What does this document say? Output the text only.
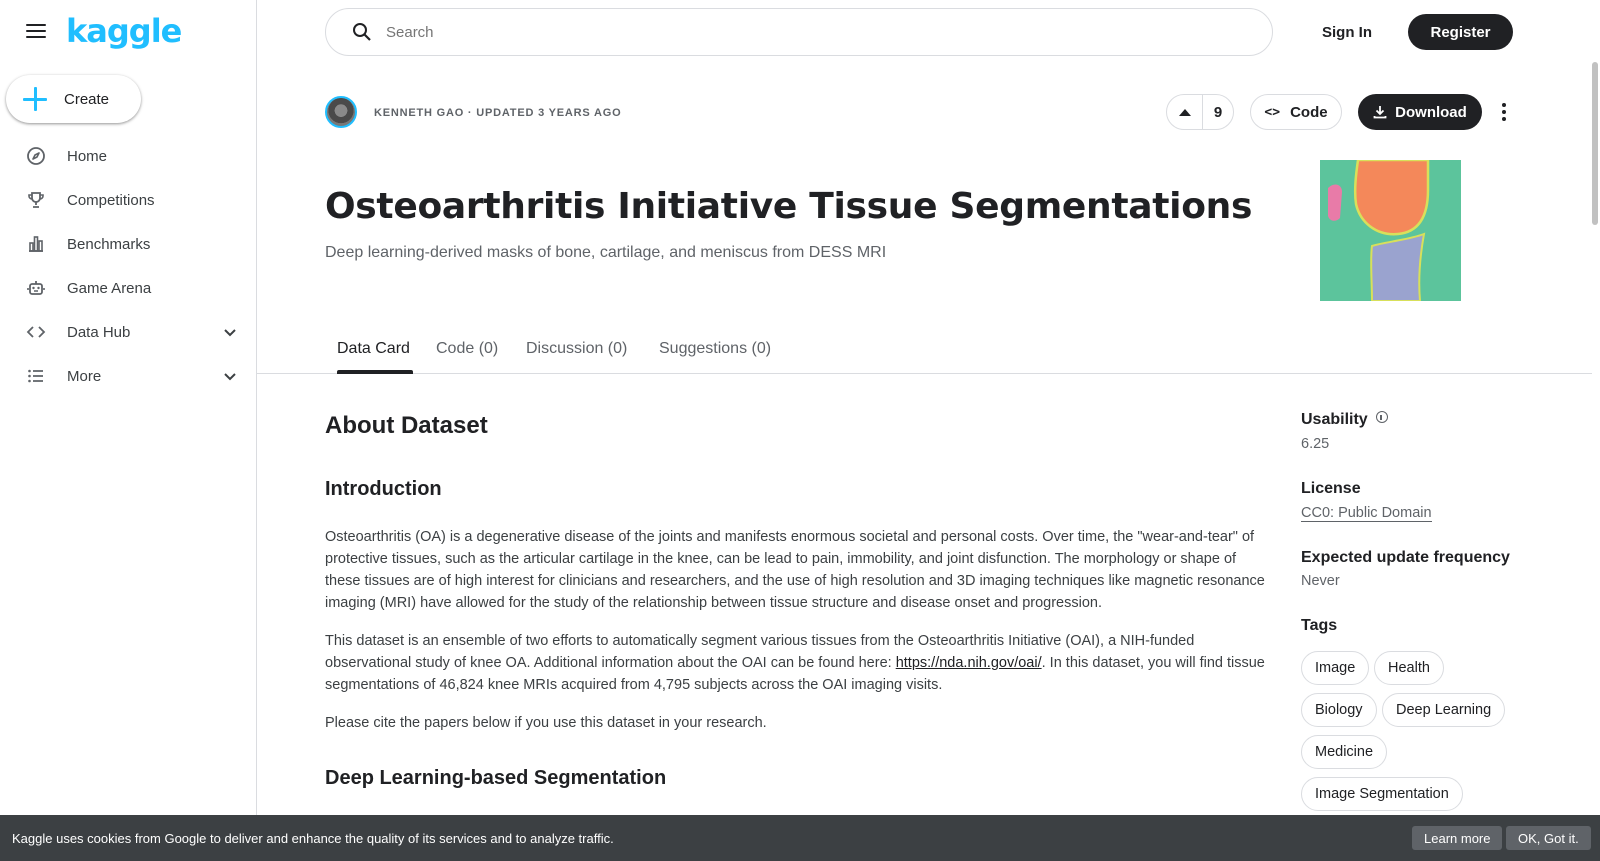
kaggle
Create
Home
Competitions
Benchmarks
Game Arena
Data Hub
More
Search
Sign In	Register
KENNETH GAO · UPDATED 3 YEARS AGO	9	<> Code	Download
Osteoarthritis Initiative Tissue Segmentations
Deep learning-derived masks of bone, cartilage, and meniscus from DESS MRI
Data Card Code (0) Discussion (0) Suggestions (0)
About Dataset
Introduction

Osteoarthritis (OA) is a degenerative disease of the joints and manifests enormous societal and personal costs. Over time, the "wear-and-tear" of protective tissues, such as the articular cartilage in the knee, can be lead to pain, immobility, and joint disfunction. The morphology or shape of these tissues are of high interest for clinicians and researchers, and the use of high resolution and 3D imaging techniques like magnetic resonance imaging (MRI) have allowed for the study of the relationship between tissue structure and disease onset and progression.

This dataset is an ensemble of two efforts to automatically segment various tissues from the Osteoarthritis Initiative (OAI), a NIH-funded observational study of knee OA. Additional information about the OAI can be found here: https://nda.nih.gov/oai/. In this dataset, you will find tissue segmentations of 46,824 knee MRIs acquired from 4,795 subjects across the OAI imaging visits.

Please cite the papers below if you use this dataset in your research.

Deep Learning-based Segmentation
Usability
6.25
License
CC0: Public Domain
Expected update frequency
Never
Tags
Image	Health
Biology	Deep Learning
Medicine
Image Segmentation
Kaggle uses cookies from Google to deliver and enhance the quality of its services and to analyze traffic.	Learn more	OK, Got it.
